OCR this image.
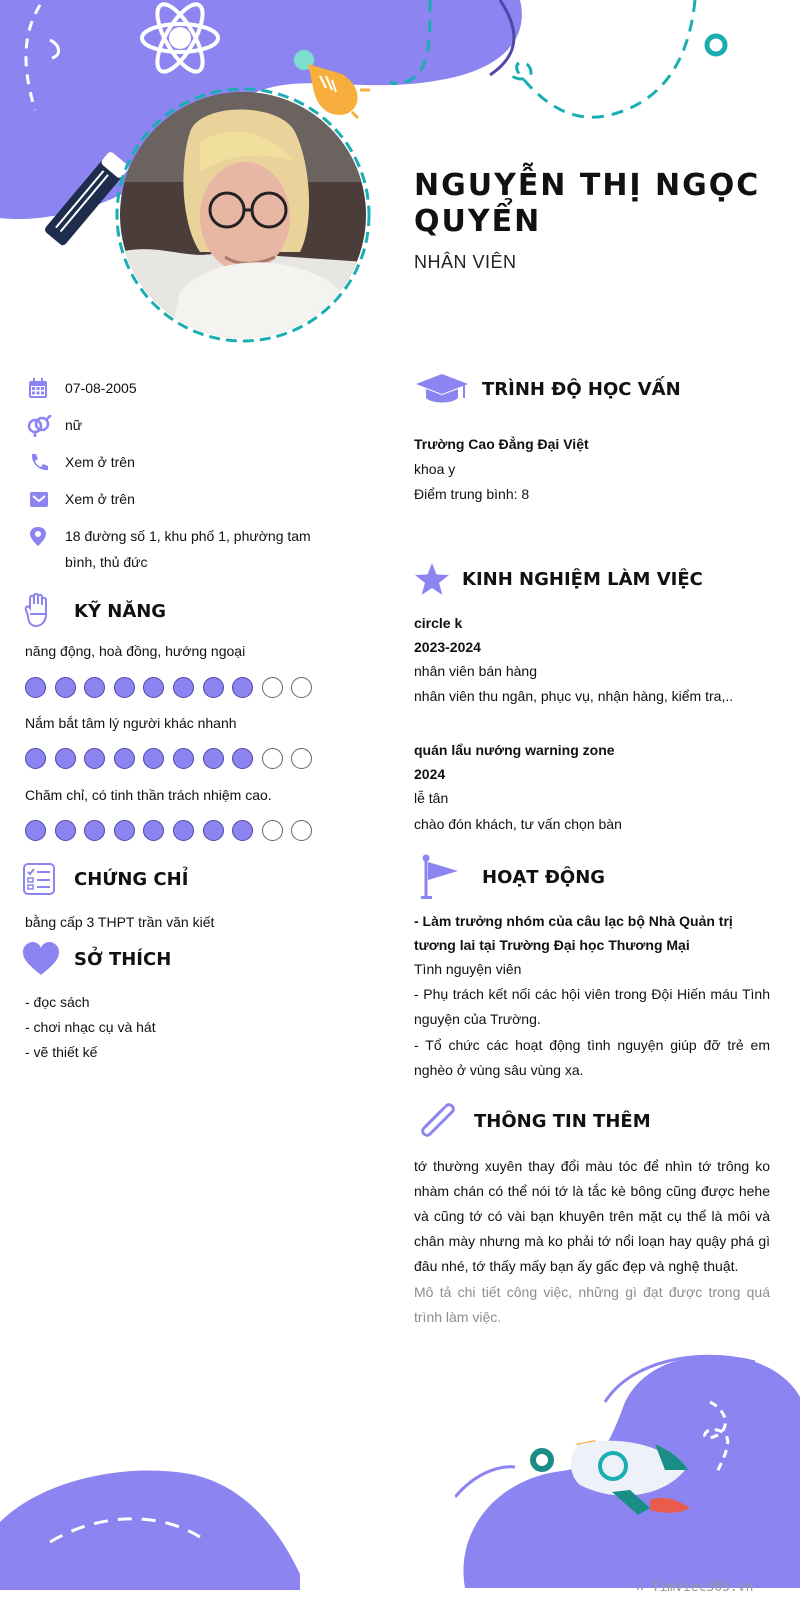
NGUYỄN THỊ NGỌC QUYỂN
NHÂN VIÊN
07-08-2005
nữ
Xem ở trên
Xem ở trên
18 đường số 1, khu phố 1, phường tam bình, thủ đức
KỸ NĂNG
năng động, hoà đồng, hướng ngoại
Nắm bắt tâm lý người khác nhanh
Chăm chỉ, có tinh thần trách nhiệm cao.
CHỨNG CHỈ
bằng cấp 3 THPT trần văn kiết
SỞ THÍCH
- đọc sách
- chơi nhạc cụ và hát
- vẽ thiết kế
TRÌNH ĐỘ HỌC VẤN
Trường Cao Đẳng Đại Việt
khoa y
Điểm trung bình: 8
KINH NGHIỆM LÀM VIỆC
circle k
2023-2024
nhân viên bán hàng
nhân viên thu ngân, phục vụ, nhận hàng, kiểm tra,..
quán lẩu nướng warning zone
2024
lễ tân
chào đón khách, tư vấn chọn bàn
HOẠT ĐỘNG
- Làm trưởng nhóm của câu lạc bộ Nhà Quản trị tương lai tại Trường Đại học Thương Mại
Tình nguyện viên
- Phụ trách kết nối các hội viên trong Đội Hiến máu Tình nguyện của Trường.
- Tổ chức các hoạt động tình nguyện giúp đỡ trẻ em nghèo ở vùng sâu vùng xa.
THÔNG TIN THÊM
tớ thường xuyên thay đổi màu tóc để nhìn tớ trông ko nhàm chán có thể nói tớ là tắc kè bông cũng được hehe và cũng tớ có vài bạn khuyên trên mặt cụ thể là môi và chân mày nhưng mà ko phải tớ nổi loạn hay quậy phá gì đâu nhé, tớ thấy mấy bạn ấy gấc đẹp và nghệ thuật.
Mô tả chi tiết công việc, những gì đạt được trong quá trình làm việc.
∴ Timviec365.vn
